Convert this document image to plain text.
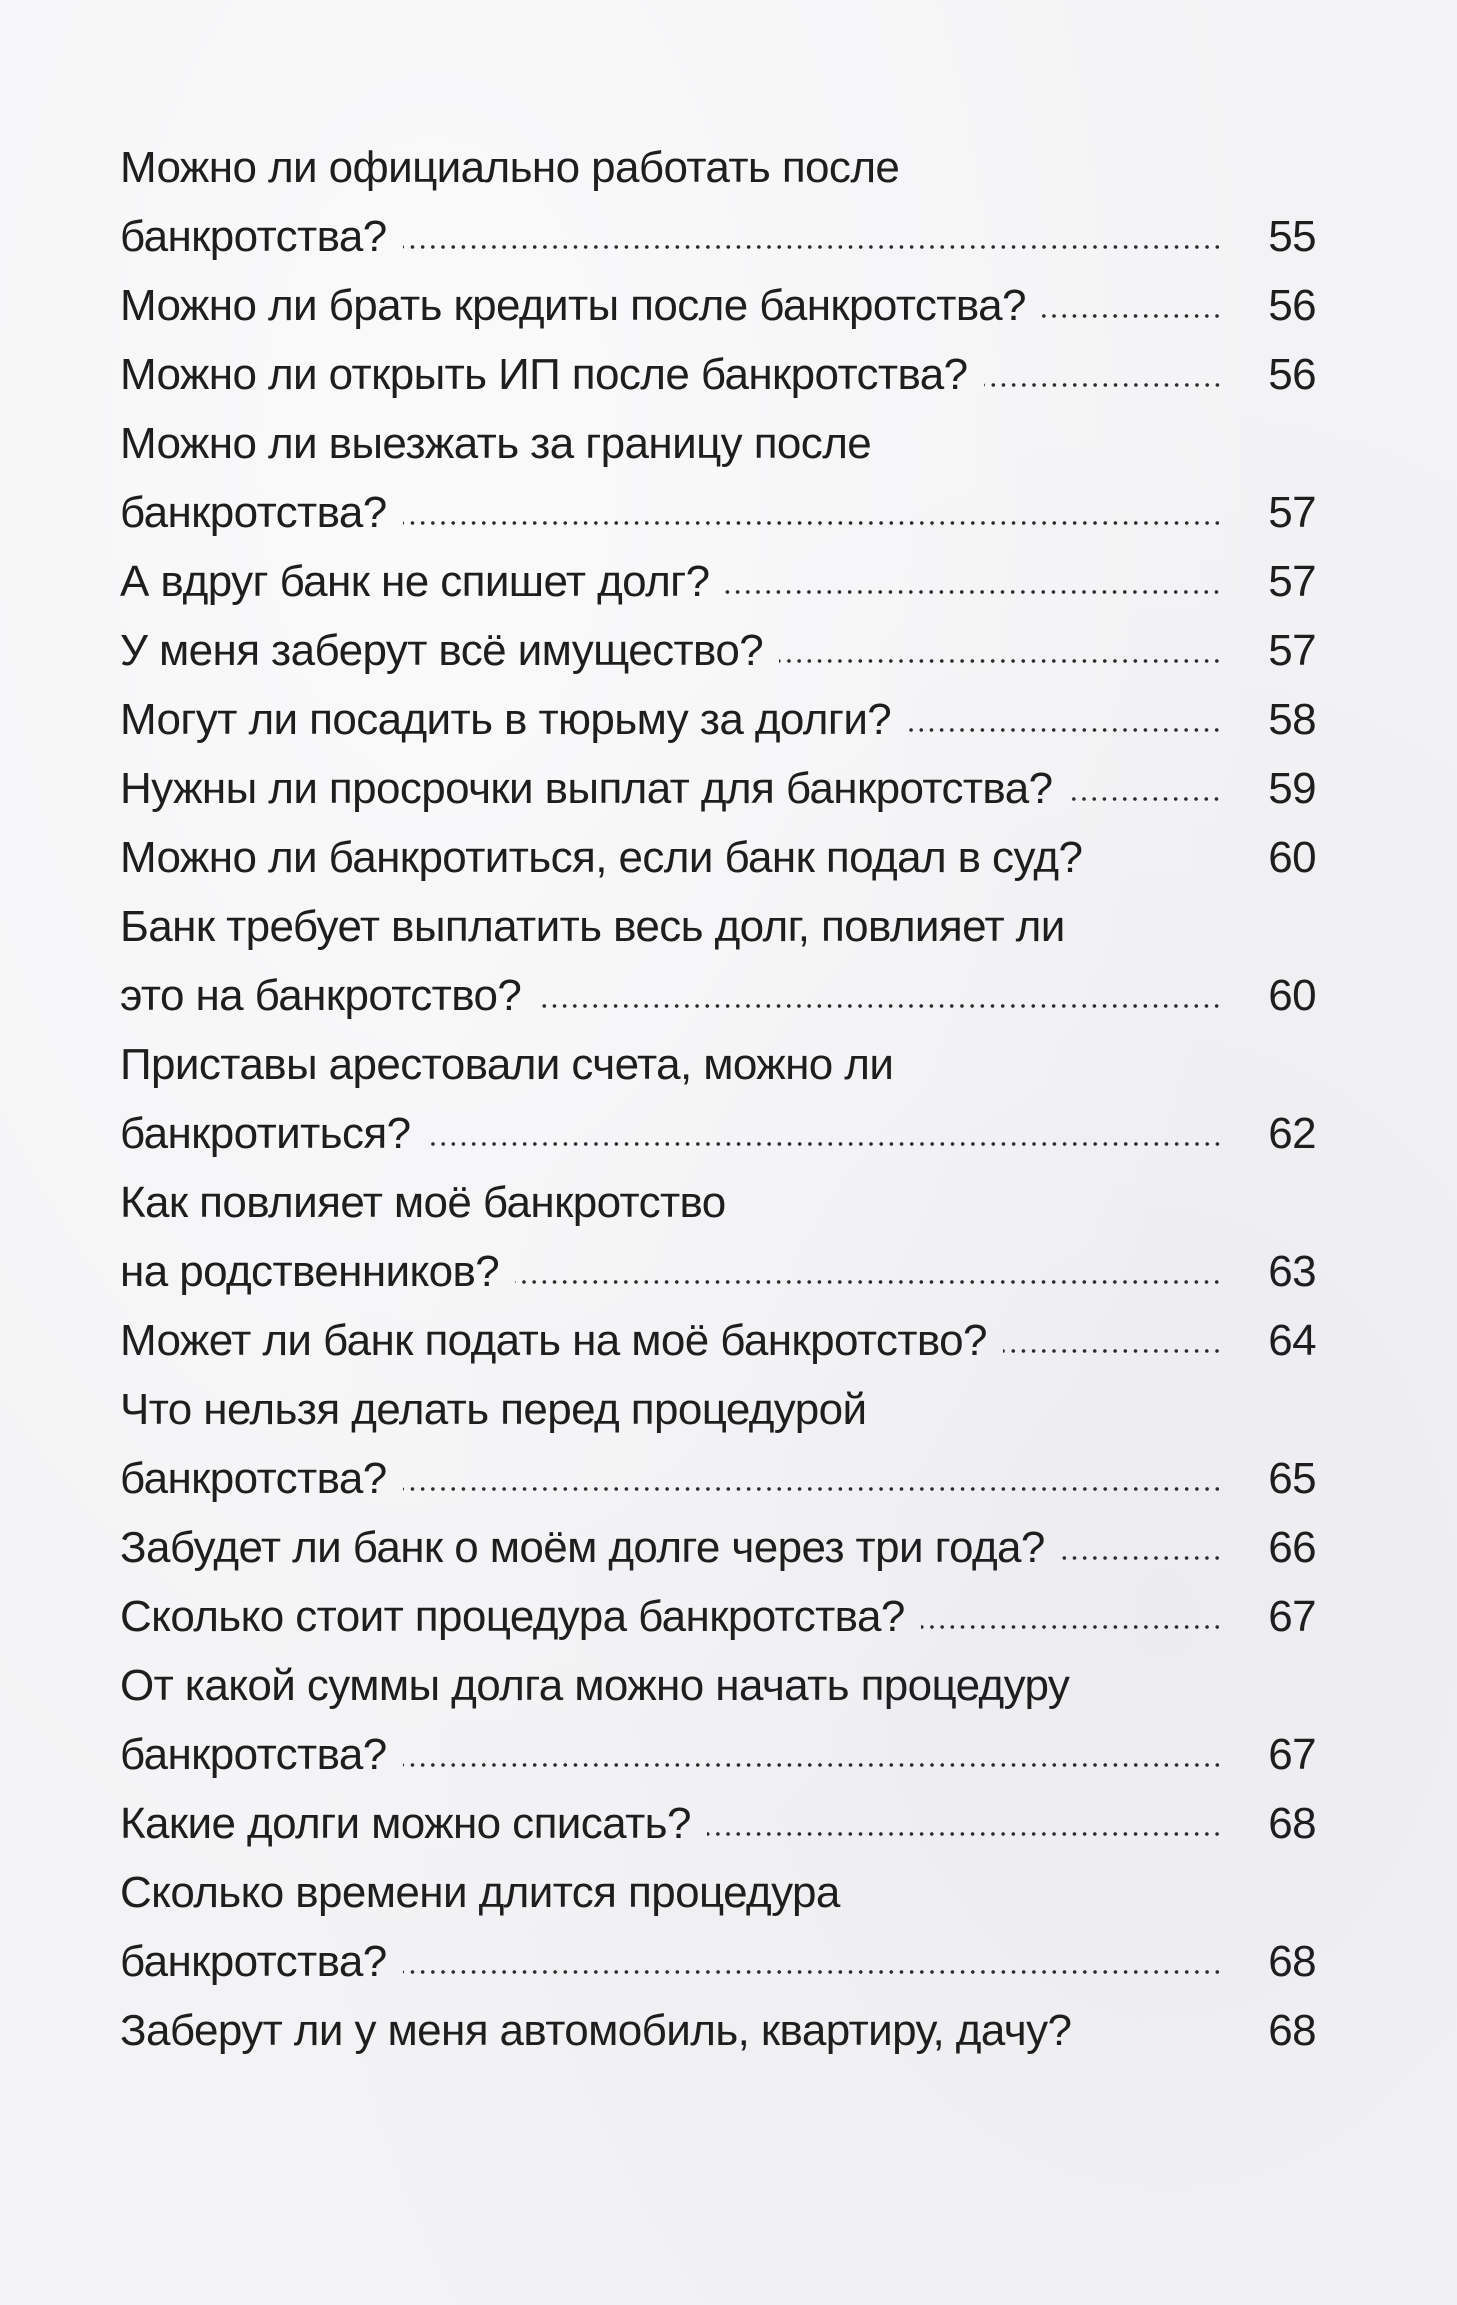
Можно ли официально работать после
банкротства?	55
Можно ли брать кредиты после банкротства?	56
Можно ли открыть ИП после банкротства?	56
Можно ли выезжать за границу после
банкротства?	57
А вдруг банк не спишет долг?	57
У меня заберут всё имущество?	57
Могут ли посадить в тюрьму за долги?	58
Нужны ли просрочки выплат для банкротства?	59
Можно ли банкротиться, если банк подал в суд?	60
Банк требует выплатить весь долг, повлияет ли
это на банкротство?	60
Приставы арестовали счета, можно ли
банкротиться?	62
Как повлияет моё банкротство
на родственников?	63
Может ли банк подать на моё банкротство?	64
Что нельзя делать перед процедурой
банкротства?	65
Забудет ли банк о моём долге через три года?	66
Сколько стоит процедура банкротства?	67
От какой суммы долга можно начать процедуру
банкротства?	67
Какие долги можно списать?	68
Сколько времени длится процедура
банкротства?	68
Заберут ли у меня автомобиль, квартиру, дачу?	68
